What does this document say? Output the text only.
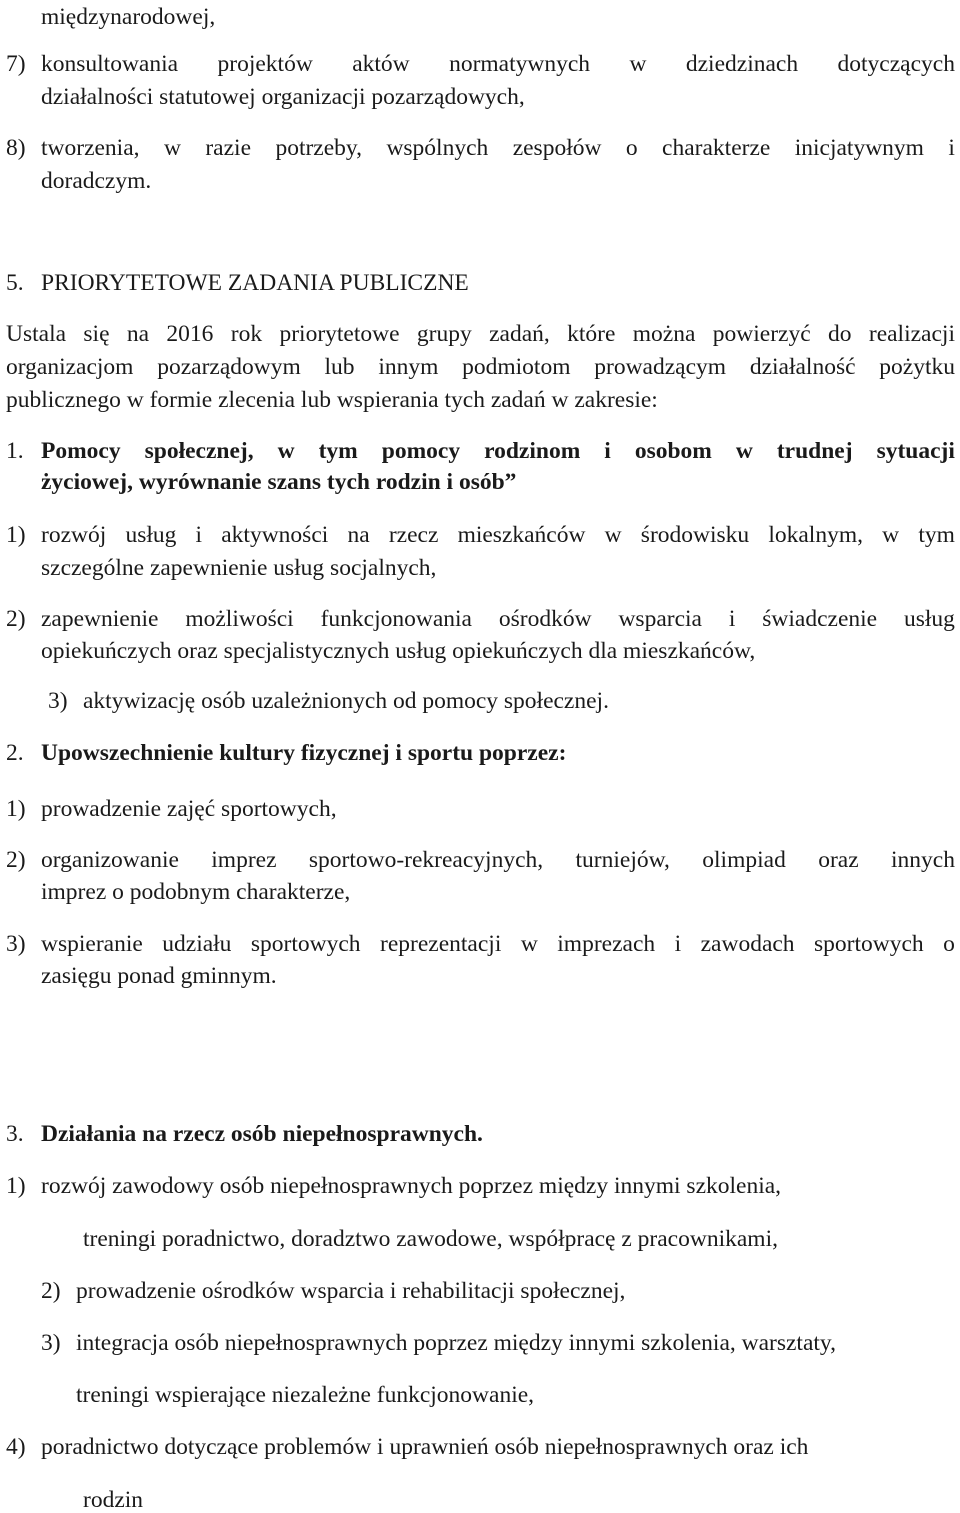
międzynarodowej,
7) konsultowania projektów aktów normatywnych w dziedzinach dotyczących
działalności statutowej organizacji pozarządowych,
8) tworzenia, w razie potrzeby, wspólnych zespołów o charakterze inicjatywnym i
doradczym.
5. PRIORYTETOWE ZADANIA PUBLICZNE
Ustala się na 2016 rok priorytetowe grupy zadań, które można powierzyć do realizacji
organizacjom pozarządowym lub innym podmiotom prowadzącym działalność pożytku
publicznego w formie zlecenia lub wspierania tych zadań w zakresie:
1. Pomocy społecznej, w tym pomocy rodzinom i osobom w trudnej sytuacji
życiowej, wyrównanie szans tych rodzin i osób”
1) rozwój usług i aktywności na rzecz mieszkańców w środowisku lokalnym, w tym
szczególne zapewnienie usług socjalnych,
2) zapewnienie możliwości funkcjonowania ośrodków wsparcia i świadczenie usług
opiekuńczych oraz specjalistycznych usług opiekuńczych dla mieszkańców,
3) aktywizację osób uzależnionych od pomocy społecznej.
2. Upowszechnienie kultury fizycznej i sportu poprzez:
1) prowadzenie zajęć sportowych,
2) organizowanie imprez sportowo-rekreacyjnych, turniejów, olimpiad oraz innych
imprez o podobnym charakterze,
3) wspieranie udziału sportowych reprezentacji w imprezach i zawodach sportowych o
zasięgu ponad gminnym.
3. Działania na rzecz osób niepełnosprawnych.
1) rozwój zawodowy osób niepełnosprawnych poprzez między innymi szkolenia,
treningi poradnictwo, doradztwo zawodowe, współpracę z pracownikami,
2) prowadzenie ośrodków wsparcia i rehabilitacji społecznej,
3) integracja osób niepełnosprawnych poprzez między innymi szkolenia, warsztaty,
treningi wspierające niezależne funkcjonowanie,
4) poradnictwo dotyczące problemów i uprawnień osób niepełnosprawnych oraz ich
rodzin
